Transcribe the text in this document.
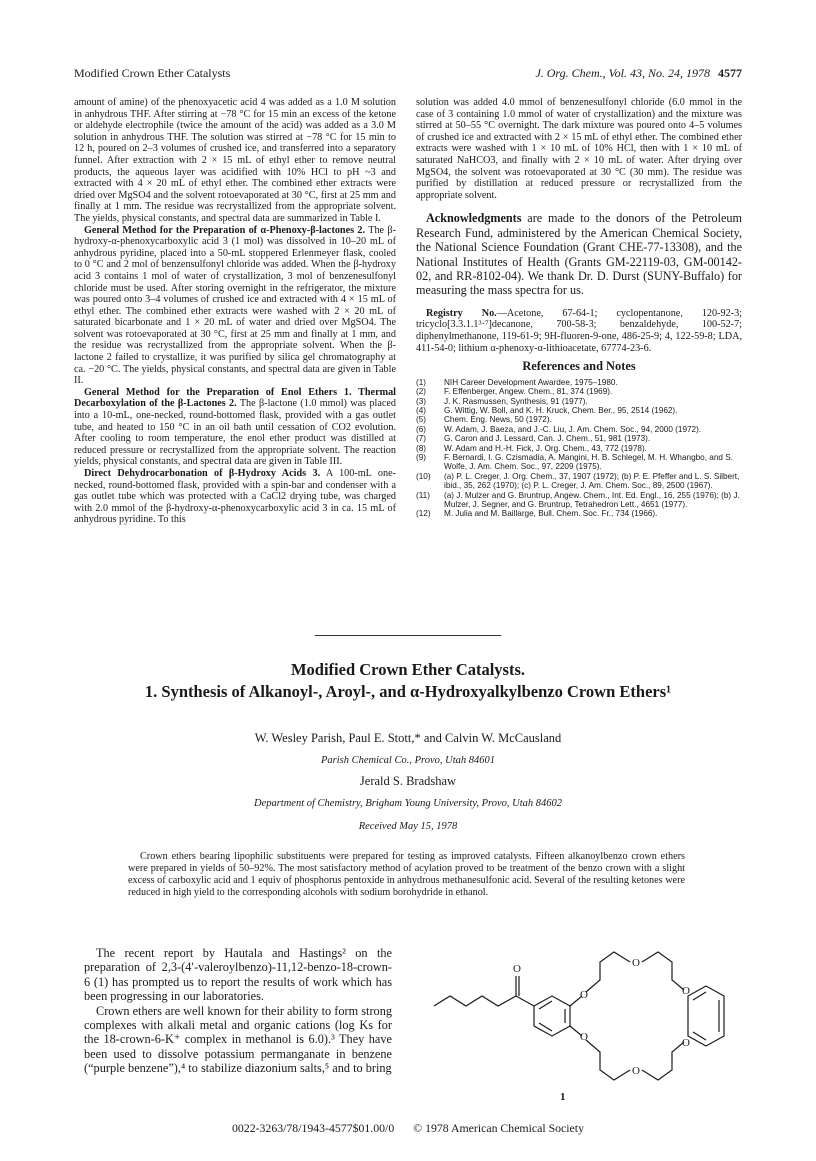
Modified Crown Ether Catalysts	J. Org. Chem., Vol. 43, No. 24, 1978 4577

amount of amine) of the phenoxyacetic acid 4 was added as a 1.0 M solution in anhydrous THF. After stirring at −78 °C for 15 min an excess of the ketone or aldehyde electrophile (twice the amount of the acid) was added as a 3.0 M solution in anhydrous THF. The solution was stirred at −78 °C for 15 min to 12 h, poured on 2–3 volumes of crushed ice, and transferred into a separatory funnel. After extraction with 2 × 15 mL of ethyl ether to remove neutral products, the aqueous layer was acidified with 10% HCl to pH ~3 and extracted with 4 × 20 mL of ethyl ether. The combined ether extracts were dried over MgSO4 and the solvent rotoevaporated at 30 °C, first at 25 mm and finally at 1 mm. The residue was recrystallized from the appropriate solvent. The yields, physical constants, and spectral data are summarized in Table I.

General Method for the Preparation of α-Phenoxy-β-lactones 2. The β-hydroxy-α-phenoxycarboxylic acid 3 (1 mol) was dissolved in 10–20 mL of anhydrous pyridine, placed into a 50-mL stoppered Erlenmeyer flask, cooled to 0 °C and 2 mol of benzensulfonyl chloride was added. When the β-hydroxy acid 3 contains 1 mol of water of crystallization, 3 mol of benzenesulfonyl chloride must be used. After storing overnight in the refrigerator, the mixture was poured onto 3–4 volumes of crushed ice and extracted with 4 × 15 mL of ethyl ether. The combined ether extracts were washed with 2 × 20 mL of saturated bicarbonate and 1 × 20 mL of water and dried over MgSO4. The solvent was rotoevaporated at 30 °C, first at 25 mm and finally at 1 mm, and the residue was recrystallized from the appropriate solvent. When the β-lactone 2 failed to crystallize, it was purified by silica gel chromatography at ca. −20 °C. The yields, physical constants, and spectral data are given in Table II.

General Method for the Preparation of Enol Ethers 1. Thermal Decarboxylation of the β-Lactones 2. The β-lactone (1.0 mmol) was placed into a 10-mL, one-necked, round-bottomed flask, provided with a gas outlet tube, and heated to 150 °C in an oil bath until cessation of CO2 evolution. After cooling to room temperature, the enol ether product was distilled at reduced pressure or recrystallized from the appropriate solvent. The reaction yields, physical constants, and spectral data are given in Table III.

Direct Dehydrocarbonation of β-Hydroxy Acids 3. A 100-mL one-necked, round-bottomed flask, provided with a spin-bar and condenser with a gas outlet tube which was protected with a CaCl2 drying tube, was charged with 2.0 mmol of the β-hydroxy-α-phenoxycarboxylic acid 3 in ca. 15 mL of anhydrous pyridine. To this

solution was added 4.0 mmol of benzenesulfonyl chloride (6.0 mmol in the case of 3 containing 1.0 mmol of water of crystallization) and the mixture was stirred at 50–55 °C overnight. The dark mixture was poured onto 4–5 volumes of crushed ice and extracted with 2 × 15 mL of ethyl ether. The combined ether extracts were washed with 1 × 10 mL of 10% HCl, then with 1 × 10 mL of saturated NaHCO3, and finally with 2 × 10 mL of water. After drying over MgSO4, the solvent was rotoevaporated at 30 °C (30 mm). The residue was purified by distillation at reduced pressure or recrystallized from the appropriate solvent.

Acknowledgments are made to the donors of the Petroleum Research Fund, administered by the American Chemical Society, the National Science Foundation (Grant CHE-77-13308), and the National Institutes of Health (Grants GM-22119-03, GM-00142-02, and RR-8102-04). We thank Dr. D. Durst (SUNY-Buffalo) for measuring the mass spectra for us.

Registry No.—Acetone, 67-64-1; cyclopentanone, 120-92-3; tricyclo[3.3.1.1³·⁷]decanone, 700-58-3; benzaldehyde, 100-52-7; diphenylmethanone, 119-61-9; 9H-fluoren-9-one, 486-25-9; 4, 122-59-8; LDA, 411-54-0; lithium α-phenoxy-α-lithioacetate, 67774-23-6.

References and Notes
(1)	NIH Career Development Awardee, 1975–1980.
(2)	F. Effenberger, Angew. Chem., 81, 374 (1969).
(3)	J. K. Rasmussen, Synthesis, 91 (1977).
(4)	G. Wittig, W. Boll, and K. H. Kruck, Chem. Ber., 95, 2514 (1962).
(5)	Chem. Eng. News, 50 (1972).
(6)	W. Adam, J. Baeza, and J.-C. Liu, J. Am. Chem. Soc., 94, 2000 (1972).
(7)	G. Caron and J. Lessard, Can. J. Chem., 51, 981 (1973).
(8)	W. Adam and H.-H. Fick, J. Org. Chem., 43, 772 (1978).
(9)	F. Bernardi, I. G. Czismadia, A. Mangini, H. B. Schlegel, M. H. Whangbo, and S. Wolfe, J. Am. Chem. Soc., 97, 2209 (1975).
(10)	(a) P. L. Creger, J. Org. Chem., 37, 1907 (1972); (b) P. E. Pfeffer and L. S. Silbert, ibid., 35, 262 (1970); (c) P. L. Creger, J. Am. Chem. Soc., 89, 2500 (1967).
(11)	(a) J. Mulzer and G. Bruntrup, Angew. Chem., Int. Ed. Engl., 16, 255 (1976); (b) J. Mulzer, J. Segner, and G. Bruntrup, Tetrahedron Lett., 4651 (1977).
(12)	M. Julia and M. Baillarge, Bull. Chem. Soc. Fr., 734 (1966).
Modified Crown Ether Catalysts.
1. Synthesis of Alkanoyl-, Aroyl-, and α-Hydroxyalkylbenzo Crown Ethers¹
W. Wesley Parish, Paul E. Stott,* and Calvin W. McCausland
Parish Chemical Co., Provo, Utah 84601
Jerald S. Bradshaw
Department of Chemistry, Brigham Young University, Provo, Utah 84602
Received May 15, 1978
Crown ethers bearing lipophilic substituents were prepared for testing as improved catalysts. Fifteen alkanoylbenzo crown ethers were prepared in yields of 50–92%. The most satisfactory method of acylation proved to be treatment of the benzo crown with a slight excess of carboxylic acid and 1 equiv of phosphorus pentoxide in anhydrous methanesulfonic acid. Several of the resulting ketones were reduced in high yield to the corresponding alcohols with sodium borohydride in ethanol.

The recent report by Hautala and Hastings² on the preparation of 2,3-(4′-valeroylbenzo)-11,12-benzo-18-crown-6 (1) has prompted us to report the results of work which has been progressing in our laboratories.

Crown ethers are well known for their ability to form strong complexes with alkali metal and organic cations (log Ks for the 18-crown-6-K⁺ complex in methanol is 6.0).³ They have been used to dissolve potassium permanganate in benzene (“purple benzene”),⁴ to stabilize diazonium salts,⁵ and to bring

O
O
O
O
O
O
O
1
0022-3263/78/1943-4577$01.00/0 © 1978 American Chemical Society
